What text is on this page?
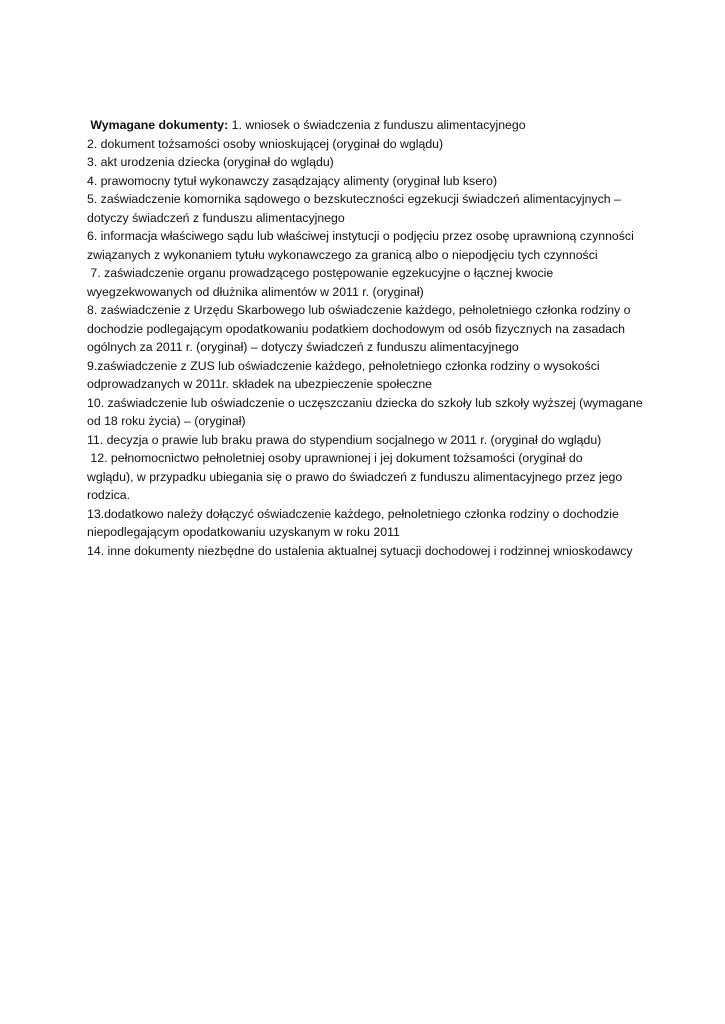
Wymagane dokumenty: 1. wniosek o świadczenia z funduszu alimentacyjnego
2. dokument tożsamości osoby wnioskującej (oryginał do wglądu)
3. akt urodzenia dziecka (oryginał do wglądu)
4. prawomocny tytuł wykonawczy zasądzający alimenty (oryginał lub ksero)
5. zaświadczenie komornika sądowego o bezskuteczności egzekucji świadczeń alimentacyjnych –
dotyczy świadczeń z funduszu alimentacyjnego
6. informacja właściwego sądu lub właściwej instytucji o podjęciu przez osobę uprawnioną czynności
związanych z wykonaniem tytułu wykonawczego za granicą albo o niepodjęciu tych czynności
7. zaświadczenie organu prowadzącego postępowanie egzekucyjne o łącznej kwocie
wyegzekwowanych od dłużnika alimentów w 2011 r. (oryginał)
8. zaświadczenie z Urzędu Skarbowego lub oświadczenie każdego, pełnoletniego członka rodziny o
dochodzie podlegającym opodatkowaniu podatkiem dochodowym od osób fizycznych na zasadach
ogólnych za 2011 r. (oryginał) – dotyczy świadczeń z funduszu alimentacyjnego
9.zaświadczenie z ZUS lub oświadczenie każdego, pełnoletniego członka rodziny o wysokości
odprowadzanych w 2011r. składek na ubezpieczenie społeczne
10. zaświadczenie lub oświadczenie o uczęszczaniu dziecka do szkoły lub szkoły wyższej (wymagane
od 18 roku życia) – (oryginał)
11. decyzja o prawie lub braku prawa do stypendium socjalnego w 2011 r. (oryginał do wglądu)
12. pełnomocnictwo pełnoletniej osoby uprawnionej i jej dokument tożsamości (oryginał do
wglądu), w przypadku ubiegania się o prawo do świadczeń z funduszu alimentacyjnego przez jego
rodzica.
13.dodatkowo należy dołączyć oświadczenie każdego, pełnoletniego członka rodziny o dochodzie
niepodlegającym opodatkowaniu uzyskanym w roku 2011
14. inne dokumenty niezbędne do ustalenia aktualnej sytuacji dochodowej i rodzinnej wnioskodawcy
